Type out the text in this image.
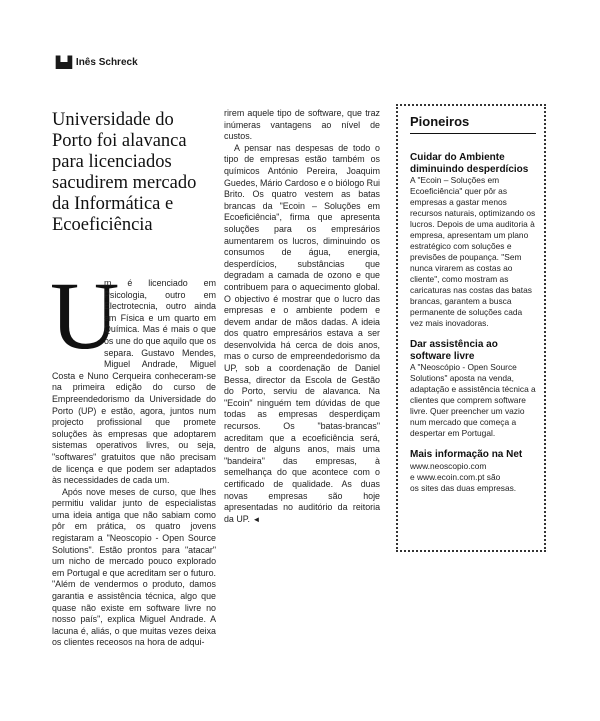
▙▟ Inês Schreck
Universidade do Porto foi alavanca para licenciados sacudirem mercado da Informática e Ecoeficiência

U
m é licenciado em Psicologia, outro em Electrotecnia, outro ainda em Física e um quarto em Química. Mas é mais o que os une do que aquilo que os separa. Gustavo Mendes, Miguel Andrade, Miguel Costa e Nuno Cerqueira conheceram-se na primeira edição do curso de Empreendedorismo da Universidade do Porto (UP) e estão, agora, juntos num projecto profissional que promete soluções às empresas que adoptarem sistemas operativos livres, ou seja, "softwares" gratuitos que não precisam de licença e que podem ser adaptados às necessidades de cada um.

Após nove meses de curso, que lhes permitiu validar junto de especialistas uma ideia antiga que não sabiam como pôr em prática, os quatro jovens registaram a "Neoscopio - Open Source Solutions". Estão prontos para "atacar" um nicho de mercado pouco explorado em Portugal e que acreditam ser o futuro. "Além de vendermos o produto, damos garantia e assistência técnica, algo que quase não existe em software livre no nosso país", explica Miguel Andrade. A lacuna é, aliás, o que muitas vezes deixa os clientes receosos na hora de adqui-

rirem aquele tipo de software, que traz inúmeras vantagens ao nível de custos.

A pensar nas despesas de todo o tipo de empresas estão também os químicos António Pereira, Joaquim Guedes, Mário Cardoso e o biólogo Rui Brito. Os quatro vestem as batas brancas da "Ecoin – Soluções em Ecoeficiência", firma que apresenta soluções para os empresários aumentarem os lucros, diminuindo os consumos de água, energia, desperdícios, substâncias que degradam a camada de ozono e que contribuem para o aquecimento global. O objectivo é mostrar que o lucro das empresas e o ambiente podem e devem andar de mãos dadas. A ideia dos quatro empresários estava a ser desenvolvida há cerca de dois anos, mas o curso de empreendedorismo da UP, sob a coordenação de Daniel Bessa, director da Escola de Gestão do Porto, serviu de alavanca. Na "Ecoin" ninguém tem dúvidas de que todas as empresas desperdiçam recursos. Os "batas-brancas" acreditam que a ecoeficiência será, dentro de alguns anos, mais uma "bandeira" das empresas, à semelhança do que acontece com o certificado de qualidade. As duas novas empresas são hoje apresentadas no auditório da reitoria da UP. ◄

Pioneiros
Cuidar do Ambiente diminuindo desperdícios

A "Ecoin – Soluções em Ecoeficiência" quer pôr as empresas a gastar menos recursos naturais, optimizando os lucros. Depois de uma auditoria à empresa, apresentam um plano estratégico com soluções e previsões de poupança. "Sem nunca virarem as costas ao cliente", como mostram as caricaturas nas costas das batas brancas, garantem a busca permanente de soluções cada vez mais inovadoras.

Dar assistência ao software livre

A "Neoscópio - Open Source Solutions" aposta na venda, adaptação e assistência técnica a clientes que comprem software livre. Quer preencher um vazio num mercado que começa a despertar em Portugal.

Mais informação na Net

www.neoscopio.com

e www.ecoin.com.pt são

os sites das duas empresas.
